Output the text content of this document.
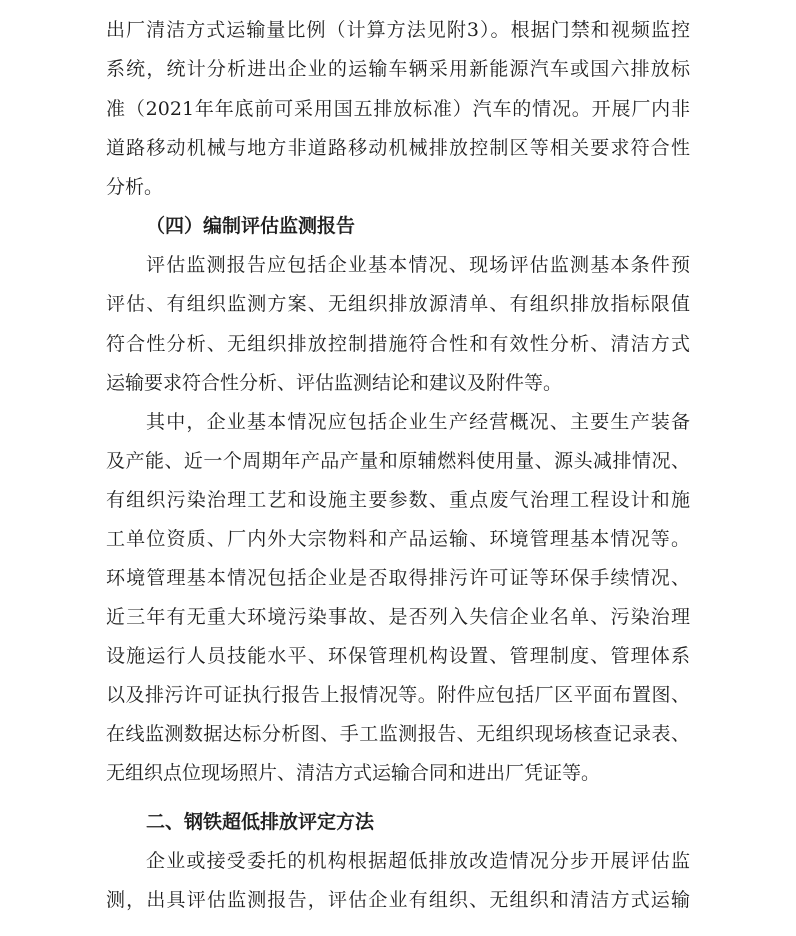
出厂清洁方式运输量比例（计算方法见附3）。根据门禁和视频监控
系统，统计分析进出企业的运输车辆采用新能源汽车或国六排放标
准（2021年年底前可采用国五排放标准）汽车的情况。开展厂内非
道路移动机械与地方非道路移动机械排放控制区等相关要求符合性
分析。
（四）编制评估监测报告
评估监测报告应包括企业基本情况、现场评估监测基本条件预
评估、有组织监测方案、无组织排放源清单、有组织排放指标限值
符合性分析、无组织排放控制措施符合性和有效性分析、清洁方式
运输要求符合性分析、评估监测结论和建议及附件等。
其中，企业基本情况应包括企业生产经营概况、主要生产装备
及产能、近一个周期年产品产量和原辅燃料使用量、源头减排情况、
有组织污染治理工艺和设施主要参数、重点废气治理工程设计和施
工单位资质、厂内外大宗物料和产品运输、环境管理基本情况等。
环境管理基本情况包括企业是否取得排污许可证等环保手续情况、
近三年有无重大环境污染事故、是否列入失信企业名单、污染治理
设施运行人员技能水平、环保管理机构设置、管理制度、管理体系
以及排污许可证执行报告上报情况等。附件应包括厂区平面布置图、
在线监测数据达标分析图、手工监测报告、无组织现场核查记录表、
无组织点位现场照片、清洁方式运输合同和进出厂凭证等。
二、钢铁超低排放评定方法
企业或接受委托的机构根据超低排放改造情况分步开展评估监
测，出具评估监测报告，评估企业有组织、无组织和清洁方式运输
